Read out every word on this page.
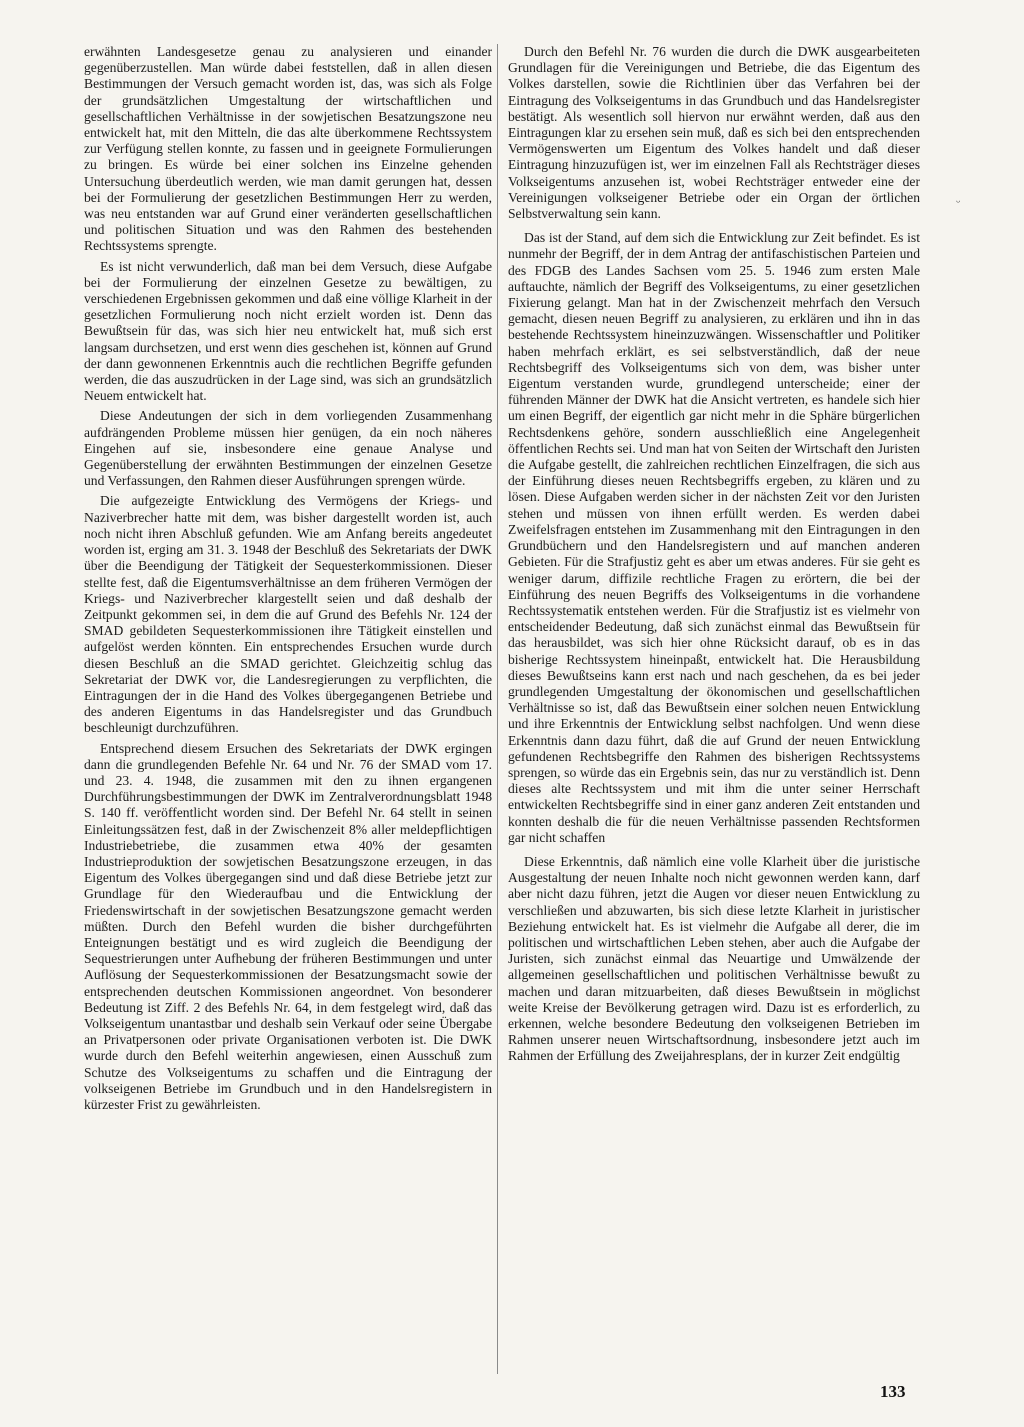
erwähnten Landesgesetze genau zu analysieren und einander gegenüberzustellen. Man würde dabei feststellen, daß in allen diesen Bestimmungen der Versuch gemacht worden ist, das, was sich als Folge der grundsätzlichen Umgestaltung der wirtschaftlichen und gesellschaftlichen Verhältnisse in der sowjetischen Besatzungszone neu entwickelt hat, mit den Mitteln, die das alte überkommene Rechtssystem zur Verfügung stellen konnte, zu fassen und in geeignete Formulierungen zu bringen. Es würde bei einer solchen ins Einzelne gehenden Untersuchung überdeutlich werden, wie man damit gerungen hat, dessen bei der Formulierung der gesetzlichen Bestimmungen Herr zu werden, was neu entstanden war auf Grund einer veränderten gesellschaftlichen und politischen Situation und was den Rahmen des bestehenden Rechtssystems sprengte.

Es ist nicht verwunderlich, daß man bei dem Versuch, diese Aufgabe bei der Formulierung der einzelnen Gesetze zu bewältigen, zu verschiedenen Ergebnissen gekommen und daß eine völlige Klarheit in der gesetzlichen Formulierung noch nicht erzielt worden ist. Denn das Bewußtsein für das, was sich hier neu entwickelt hat, muß sich erst langsam durchsetzen, und erst wenn dies geschehen ist, können auf Grund der dann gewonnenen Erkenntnis auch die rechtlichen Begriffe gefunden werden, die das auszudrücken in der Lage sind, was sich an grundsätzlich Neuem entwickelt hat.

Diese Andeutungen der sich in dem vorliegenden Zusammenhang aufdrängenden Probleme müssen hier genügen, da ein noch näheres Eingehen auf sie, insbesondere eine genaue Analyse und Gegenüberstellung der erwähnten Bestimmungen der einzelnen Gesetze und Verfassungen, den Rahmen dieser Ausführungen sprengen würde.

Die aufgezeigte Entwicklung des Vermögens der Kriegs- und Naziverbrecher hatte mit dem, was bisher dargestellt worden ist, auch noch nicht ihren Abschluß gefunden. Wie am Anfang bereits angedeutet worden ist, erging am 31. 3. 1948 der Beschluß des Sekretariats der DWK über die Beendigung der Tätigkeit der Sequesterkommissionen. Dieser stellte fest, daß die Eigentumsverhältnisse an dem früheren Vermögen der Kriegs- und Naziverbrecher klargestellt seien und daß deshalb der Zeitpunkt gekommen sei, in dem die auf Grund des Befehls Nr. 124 der SMAD gebildeten Sequesterkommissionen ihre Tätigkeit einstellen und aufgelöst werden könnten. Ein entsprechendes Ersuchen wurde durch diesen Beschluß an die SMAD gerichtet. Gleichzeitig schlug das Sekretariat der DWK vor, die Landesregierungen zu verpflichten, die Eintragungen der in die Hand des Volkes übergegangenen Betriebe und des anderen Eigentums in das Handelsregister und das Grundbuch beschleunigt durchzuführen.

Entsprechend diesem Ersuchen des Sekretariats der DWK ergingen dann die grundlegenden Befehle Nr. 64 und Nr. 76 der SMAD vom 17. und 23. 4. 1948, die zusammen mit den zu ihnen ergangenen Durchführungsbestimmungen der DWK im Zentralverordnungsblatt 1948 S. 140 ff. veröffentlicht worden sind. Der Befehl Nr. 64 stellt in seinen Einleitungssätzen fest, daß in der Zwischenzeit 8% aller meldepflichtigen Industriebetriebe, die zusammen etwa 40% der gesamten Industrieproduktion der sowjetischen Besatzungszone erzeugen, in das Eigentum des Volkes übergegangen sind und daß diese Betriebe jetzt zur Grundlage für den Wiederaufbau und die Entwicklung der Friedenswirtschaft in der sowjetischen Besatzungszone gemacht werden müßten. Durch den Befehl wurden die bisher durchgeführten Enteignungen bestätigt und es wird zugleich die Beendigung der Sequestrierungen unter Aufhebung der früheren Bestimmungen und unter Auflösung der Sequesterkommissionen der Besatzungsmacht sowie der entsprechenden deutschen Kommissionen angeordnet. Von besonderer Bedeutung ist Ziff. 2 des Befehls Nr. 64, in dem festgelegt wird, daß das Volkseigentum unantastbar und deshalb sein Verkauf oder seine Übergabe an Privatpersonen oder private Organisationen verboten ist. Die DWK wurde durch den Befehl weiterhin angewiesen, einen Ausschuß zum Schutze des Volkseigentums zu schaffen und die Eintragung der volkseigenen Betriebe im Grundbuch und in den Handelsregistern in kürzester Frist zu gewährleisten.

Durch den Befehl Nr. 76 wurden die durch die DWK ausgearbeiteten Grundlagen für die Vereinigungen und Betriebe, die das Eigentum des Volkes darstellen, sowie die Richtlinien über das Verfahren bei der Eintragung des Volkseigentums in das Grundbuch und das Handelsregister bestätigt. Als wesentlich soll hiervon nur erwähnt werden, daß aus den Eintragungen klar zu ersehen sein muß, daß es sich bei den entsprechenden Vermögenswerten um Eigentum des Volkes handelt und daß dieser Eintragung hinzuzufügen ist, wer im einzelnen Fall als Rechtsträger dieses Volkseigentums anzusehen ist, wobei Rechtsträger entweder eine der Vereinigungen volkseigener Betriebe oder ein Organ der örtlichen Selbstverwaltung sein kann.

Das ist der Stand, auf dem sich die Entwicklung zur Zeit befindet. Es ist nunmehr der Begriff, der in dem Antrag der antifaschistischen Parteien und des FDGB des Landes Sachsen vom 25. 5. 1946 zum ersten Male auftauchte, nämlich der Begriff des Volkseigentums, zu einer gesetzlichen Fixierung gelangt. Man hat in der Zwischenzeit mehrfach den Versuch gemacht, diesen neuen Begriff zu analysieren, zu erklären und ihn in das bestehende Rechtssystem hineinzuzwängen. Wissenschaftler und Politiker haben mehrfach erklärt, es sei selbstverständlich, daß der neue Rechtsbegriff des Volkseigentums sich von dem, was bisher unter Eigentum verstanden wurde, grundlegend unterscheide; einer der führenden Männer der DWK hat die Ansicht vertreten, es handele sich hier um einen Begriff, der eigentlich gar nicht mehr in die Sphäre bürgerlichen Rechtsdenkens gehöre, sondern ausschließlich eine Angelegenheit öffentlichen Rechts sei. Und man hat von Seiten der Wirtschaft den Juristen die Aufgabe gestellt, die zahlreichen rechtlichen Einzelfragen, die sich aus der Einführung dieses neuen Rechtsbegriffs ergeben, zu klären und zu lösen. Diese Aufgaben werden sicher in der nächsten Zeit vor den Juristen stehen und müssen von ihnen erfüllt werden. Es werden dabei Zweifelsfragen entstehen im Zusammenhang mit den Eintragungen in den Grundbüchern und den Handelsregistern und auf manchen anderen Gebieten. Für die Strafjustiz geht es aber um etwas anderes. Für sie geht es weniger darum, diffizile rechtliche Fragen zu erörtern, die bei der Einführung des neuen Begriffs des Volkseigentums in die vorhandene Rechtssystematik entstehen werden. Für die Strafjustiz ist es vielmehr von entscheidender Bedeutung, daß sich zunächst einmal das Bewußtsein für das herausbildet, was sich hier ohne Rücksicht darauf, ob es in das bisherige Rechtssystem hineinpaßt, entwickelt hat. Die Herausbildung dieses Bewußtseins kann erst nach und nach geschehen, da es bei jeder grundlegenden Umgestaltung der ökonomischen und gesellschaftlichen Verhältnisse so ist, daß das Bewußtsein einer solchen neuen Entwicklung und ihre Erkenntnis der Entwicklung selbst nachfolgen. Und wenn diese Erkenntnis dann dazu führt, daß die auf Grund der neuen Entwicklung gefundenen Rechtsbegriffe den Rahmen des bisherigen Rechtssystems sprengen, so würde das ein Ergebnis sein, das nur zu verständlich ist. Denn dieses alte Rechtssystem und mit ihm die unter seiner Herrschaft entwickelten Rechtsbegriffe sind in einer ganz anderen Zeit entstanden und konnten deshalb die für die neuen Verhältnisse passenden Rechtsformen gar nicht schaffen

Diese Erkenntnis, daß nämlich eine volle Klarheit über die juristische Ausgestaltung der neuen Inhalte noch nicht gewonnen werden kann, darf aber nicht dazu führen, jetzt die Augen vor dieser neuen Entwicklung zu verschließen und abzuwarten, bis sich diese letzte Klarheit in juristischer Beziehung entwickelt hat. Es ist vielmehr die Aufgabe all derer, die im politischen und wirtschaftlichen Leben stehen, aber auch die Aufgabe der Juristen, sich zunächst einmal das Neuartige und Umwälzende der allgemeinen gesellschaftlichen und politischen Verhältnisse bewußt zu machen und daran mitzuarbeiten, daß dieses Bewußtsein in möglichst weite Kreise der Bevölkerung getragen wird. Dazu ist es erforderlich, zu erkennen, welche besondere Bedeutung den volkseigenen Betrieben im Rahmen unserer neuen Wirtschaftsordnung, insbesondere jetzt auch im Rahmen der Erfüllung des Zweijahresplans, der in kurzer Zeit endgültig

ᵕ
133
